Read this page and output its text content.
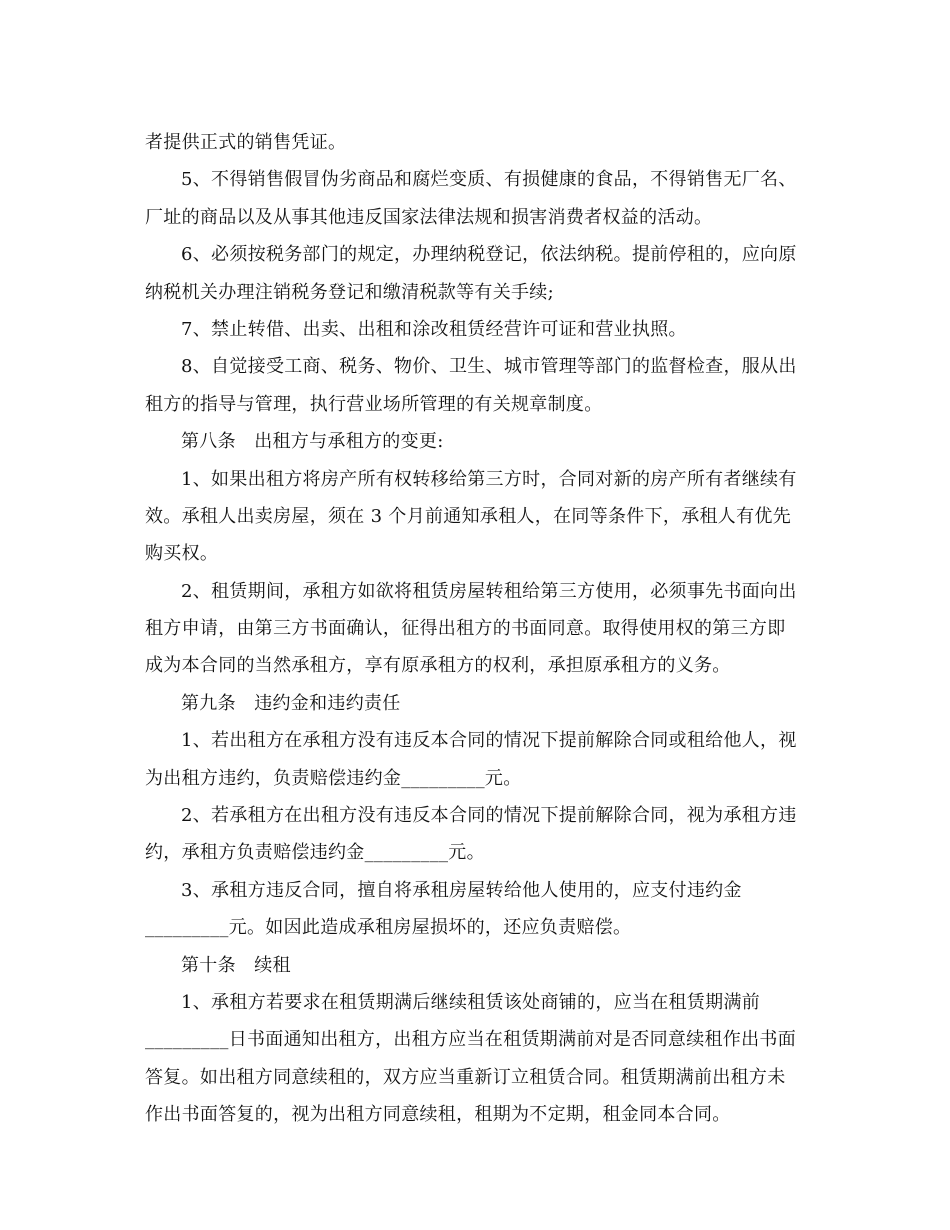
者提供正式的销售凭证。
5、不得销售假冒伪劣商品和腐烂变质、有损健康的食品，不得销售无厂名、
厂址的商品以及从事其他违反国家法律法规和损害消费者权益的活动。
6、必须按税务部门的规定，办理纳税登记，依法纳税。提前停租的，应向原
纳税机关办理注销税务登记和缴清税款等有关手续;
7、禁止转借、出卖、出租和涂改租赁经营许可证和营业执照。
8、自觉接受工商、税务、物价、卫生、城市管理等部门的监督检查，服从出
租方的指导与管理，执行营业场所管理的有关规章制度。
第八条　出租方与承租方的变更:
1、如果出租方将房产所有权转移给第三方时，合同对新的房产所有者继续有
效。承租人出卖房屋，须在 3 个月前通知承租人，在同等条件下，承租人有优先
购买权。
2、租赁期间，承租方如欲将租赁房屋转租给第三方使用，必须事先书面向出
租方申请，由第三方书面确认，征得出租方的书面同意。取得使用权的第三方即
成为本合同的当然承租方，享有原承租方的权利，承担原承租方的义务。
第九条　违约金和违约责任
1、若出租方在承租方没有违反本合同的情况下提前解除合同或租给他人，视
为出租方违约，负责赔偿违约金_________元。
2、若承租方在出租方没有违反本合同的情况下提前解除合同，视为承租方违
约，承租方负责赔偿违约金_________元。
3、承租方违反合同，擅自将承租房屋转给他人使用的，应支付违约金
_________元。如因此造成承租房屋损坏的，还应负责赔偿。
第十条　续租
1、承租方若要求在租赁期满后继续租赁该处商铺的，应当在租赁期满前
_________日书面通知出租方，出租方应当在租赁期满前对是否同意续租作出书面
答复。如出租方同意续租的，双方应当重新订立租赁合同。租赁期满前出租方未
作出书面答复的，视为出租方同意续租，租期为不定期，租金同本合同。
